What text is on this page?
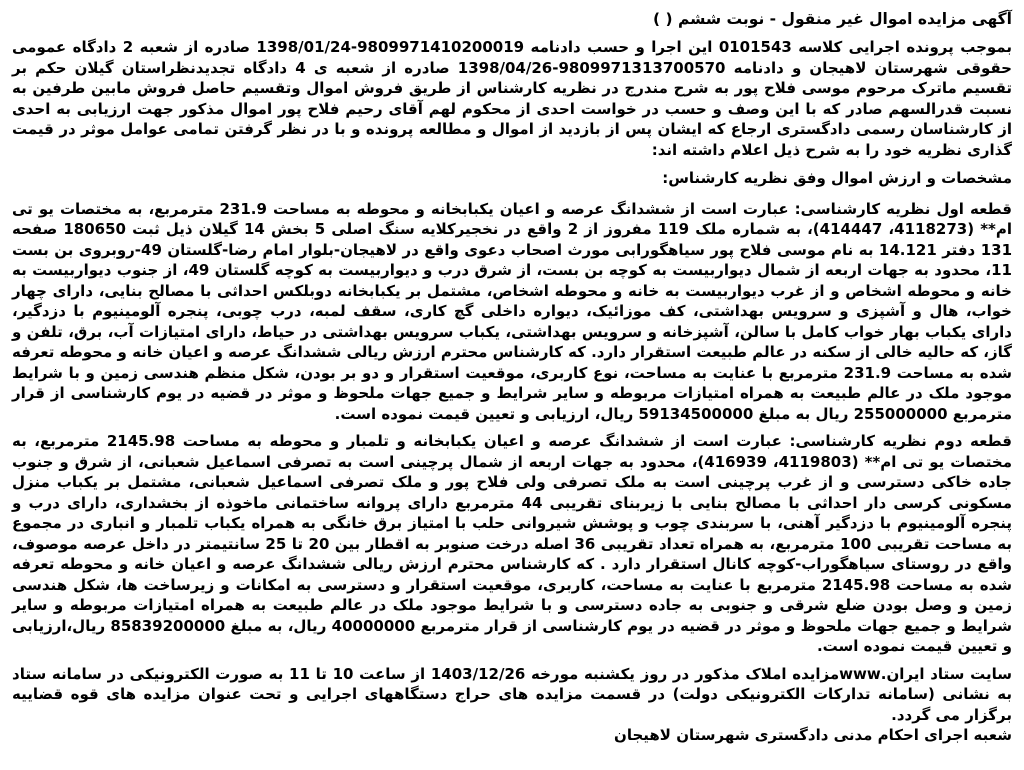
آگهی مزایده اموال غیر منقول - نوبت ششم ( )

بموجب پرونده اجرایی کلاسه 0101543 این اجرا و حسب دادنامه 9809971410200019-1398/01/24 صادره از شعبه 2 دادگاه عمومی حقوقی شهرستان لاهیجان و دادنامه 9809971313700570-1398/04/26 صادره از شعبه ی 4 دادگاه تجدیدنظراستان گیلان حکم بر تقسیم ماترک مرحوم موسی فلاح پور به شرح مندرج در نظریه کارشناس از طریق فروش اموال وتقسیم حاصل فروش مابین طرفین به نسبت قدرالسهم صادر که با این وصف و حسب در خواست احدی از محکوم لهم آقای رحیم فلاح پور اموال مذکور جهت ارزیابی به احدی از کارشناسان رسمی دادگستری ارجاع که ایشان پس از بازدید از اموال و مطالعه پرونده و با در نظر گرفتن تمامی عوامل موثر در قیمت گذاری نظریه خود را به شرح ذیل اعلام داشته اند:

مشخصات و ارزش اموال وفق نظریه کارشناس:

قطعه اول نظریه کارشناسی: عبارت است از ششدانگ عرصه و اعیان یکبابخانه و محوطه به مساحت 231.9 مترمربع، به مختصات یو تی ام** (4118273، 414447)، به شماره ملک 119 مفروز از 2 واقع در نخجیرکلایه سنگ اصلی 5 بخش 14 گیلان ذیل ثبت 180650 صفحه 131 دفتر 14.121 به نام موسی فلاح پور سیاهگورابی مورث اصحاب دعوی واقع در لاهیجان-بلوار امام رضا-گلستان 49-روبروی بن بست 11، محدود به جهات اربعه از شمال دیواربیست به کوچه بن بست، از شرق درب و دیواربیست به کوچه گلستان 49، از جنوب دیواربیست به خانه و محوطه اشخاص و از غرب دیواربیست به خانه و محوطه اشخاص، مشتمل بر یکبابخانه دوبلکس احداثی با مصالح بنایی، دارای چهار خواب، هال و آشپزی و سرویس بهداشتی، کف موزائیک، دیواره داخلی گچ کاری، سقف لمبه، درب چوبی، پنجره آلومینیوم با دزدگیر، دارای یکباب بهار خواب کامل با سالن، آشپزخانه و سرویس بهداشتی، یکباب سرویس بهداشتی در حیاط، دارای امتیازات آب، برق، تلفن و گاز، که حالیه خالی از سکنه در عالم طبیعت استقرار دارد. که کارشناس محترم ارزش ریالی ششدانگ عرصه و اعیان خانه و محوطه تعرفه شده به مساحت 231.9 مترمربع با عنایت به مساحت، نوع کاربری، موقعیت استقرار و دو بر بودن، شکل منظم هندسی زمین و با شرایط موجود ملک در عالم طبیعت به همراه امتیازات مربوطه و سایر شرایط و جمیع جهات ملحوظ و موثر در قضیه در یوم کارشناسی از قرار مترمربع 255000000 ریال به مبلغ 59134500000 ریال، ارزیابی و تعیین قیمت نموده است.

قطعه دوم نظریه کارشناسی: عبارت است از ششدانگ عرصه و اعیان یکبابخانه و تلمبار و محوطه به مساحت 2145.98 مترمربع، به مختصات یو تی ام** (4119803، 416939)، محدود به جهات اربعه از شمال پرچینی است به تصرفی اسماعیل شعبانی، از شرق و جنوب جاده خاکی دسترسی و از غرب پرچینی است به ملک تصرفی ولی فلاح پور و ملک تصرفی اسماعیل شعبانی، مشتمل بر یکباب منزل مسکونی کرسی دار احداثی با مصالح بنایی با زیربنای تقریبی 44 مترمربع دارای پروانه ساختمانی ماخوذه از بخشداری، دارای درب و پنجره آلومینیوم با دزدگیر آهنی، با سربندی چوب و پوشش شیروانی حلب با امتیاز برق خانگی به همراه یکباب تلمبار و انباری در مجموع به مساحت تقریبی 100 مترمربع، به همراه تعداد تقریبی 36 اصله درخت صنوبر به اقطار بین 20 تا 25 سانتیمتر در داخل عرصه موصوف، واقع در روستای سیاهگوراب-کوچه کانال استقرار دارد . که کارشناس محترم ارزش ریالی ششدانگ عرصه و اعیان خانه و محوطه تعرفه شده به مساحت 2145.98 مترمربع با عنایت به مساحت، کاربری، موقعیت استقرار و دسترسی به امکانات و زیرساخت ها، شکل هندسی زمین و وصل بودن ضلع شرقی و جنوبی به جاده دسترسی و با شرایط موجود ملک در عالم طبیعت به همراه امتیازات مربوطه و سایر شرایط و جمیع جهات ملحوظ و موثر در قضیه در یوم کارشناسی از قرار مترمربع 40000000 ریال، به مبلغ 85839200000 ریال،ارزیابی و تعیین قیمت نموده است.

سایت ستاد ایران.wwwمزایده املاک مذکور در روز یکشنبه مورخه 1403/12/26 از ساعت 10 تا 11 به صورت الکترونیکی در سامانه ستاد به نشانی (سامانه تدارکات الکترونیکی دولت) در قسمت مزایده های حراج دستگاههای اجرایی و تحت عنوان مزایده های قوه قضاییه برگزار می گردد.

شعبه اجرای احکام مدنی دادگستری شهرستان لاهیجان
